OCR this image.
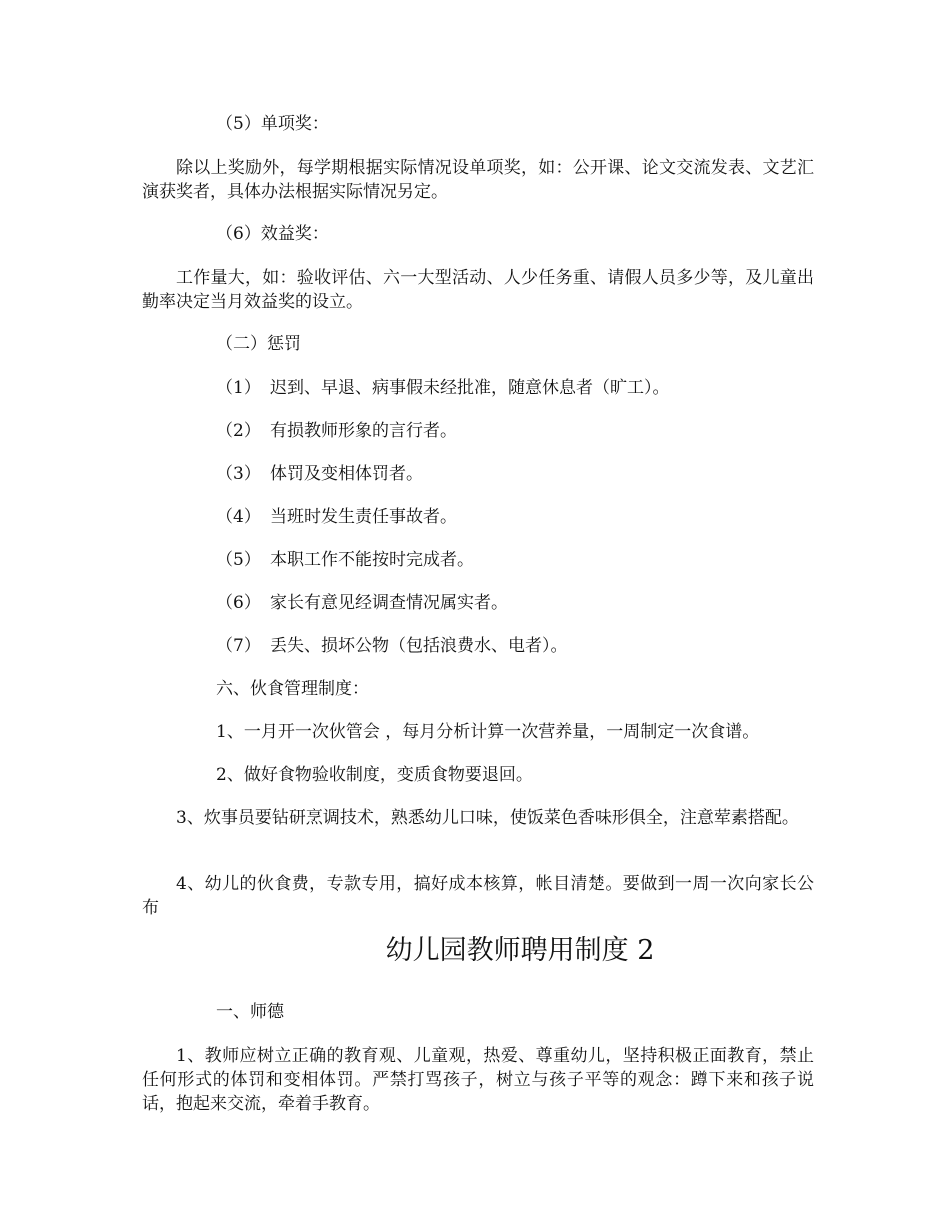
（5）单项奖：

除以上奖励外，每学期根据实际情况设单项奖，如：公开课、论文交流发表、文艺汇演获奖者，具体办法根据实际情况另定。

（6）效益奖：

工作量大，如：验收评估、六一大型活动、人少任务重、请假人员多少等，及儿童出勤率决定当月效益奖的设立。

（二）惩罚

（1） 迟到、早退、病事假未经批准，随意休息者（旷工）。

（2） 有损教师形象的言行者。

（3） 体罚及变相体罚者。

（4） 当班时发生责任事故者。

（5） 本职工作不能按时完成者。

（6） 家长有意见经调查情况属实者。

（7） 丢失、损坏公物（包括浪费水、电者）。

六、伙食管理制度：

1、一月开一次伙管会 ，每月分析计算一次营养量，一周制定一次食谱。

2、做好食物验收制度，变质食物要退回。

3、炊事员要钻研烹调技术，熟悉幼儿口味，使饭菜色香味形俱全，注意荤素搭配。

4、幼儿的伙食费，专款专用，搞好成本核算，帐目清楚。要做到一周一次向家长公布

幼儿园教师聘用制度 2

一、师德

1、教师应树立正确的教育观、儿童观，热爱、尊重幼儿，坚持积极正面教育，禁止任何形式的体罚和变相体罚。严禁打骂孩子，树立与孩子平等的观念：蹲下来和孩子说话，抱起来交流，牵着手教育。
